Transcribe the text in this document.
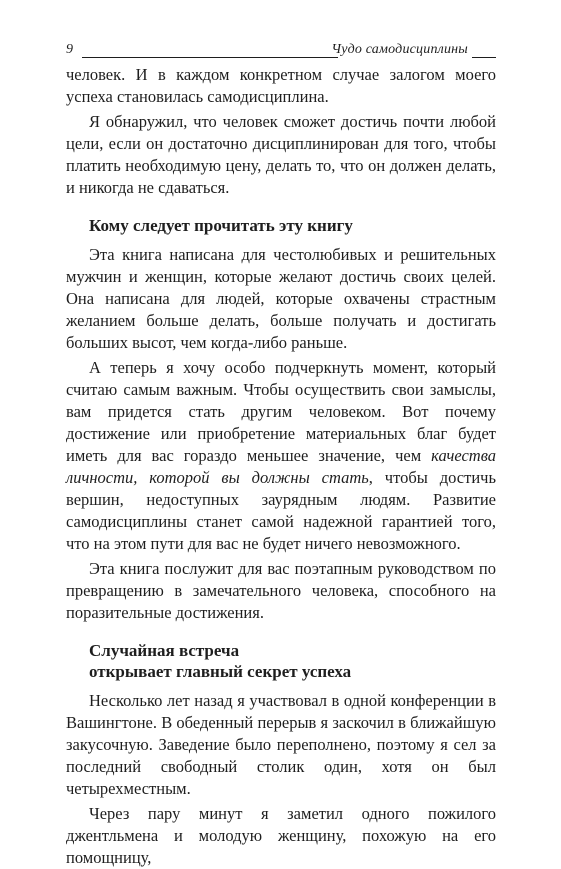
9	Чудо самодисциплины

человек. И в каждом конкретном случае залогом моего успеха становилась самодисциплина.

Я обнаружил, что человек сможет достичь почти любой цели, если он достаточно дисциплинирован для того, чтобы платить необходимую цену, делать то, что он должен делать, и никогда не сдаваться.

Кому следует прочитать эту книгу

Эта книга написана для честолюбивых и решительных мужчин и женщин, которые желают достичь своих целей. Она написана для людей, которые охвачены страстным желанием больше делать, больше получать и достигать больших высот, чем когда-либо раньше.

А теперь я хочу особо подчеркнуть момент, который считаю самым важным. Чтобы осуществить свои замыслы, вам придется стать другим человеком. Вот почему достижение или приобретение материальных благ будет иметь для вас гораздо меньшее значение, чем качества личности, которой вы должны стать, чтобы достичь вершин, недоступных заурядным людям. Развитие самодисциплины станет самой надежной гарантией того, что на этом пути для вас не будет ничего невозможного.

Эта книга послужит для вас поэтапным руководством по превращению в замечательного человека, способного на поразительные достижения.

Случайная встреча
открывает главный секрет успеха

Несколько лет назад я участвовал в одной конференции в Вашингтоне. В обеденный перерыв я заскочил в ближайшую закусочную. Заведение было переполнено, поэтому я сел за последний свободный столик один, хотя он был четырехместным.

Через пару минут я заметил одного пожилого джентльмена и молодую женщину, похожую на его помощницу,
